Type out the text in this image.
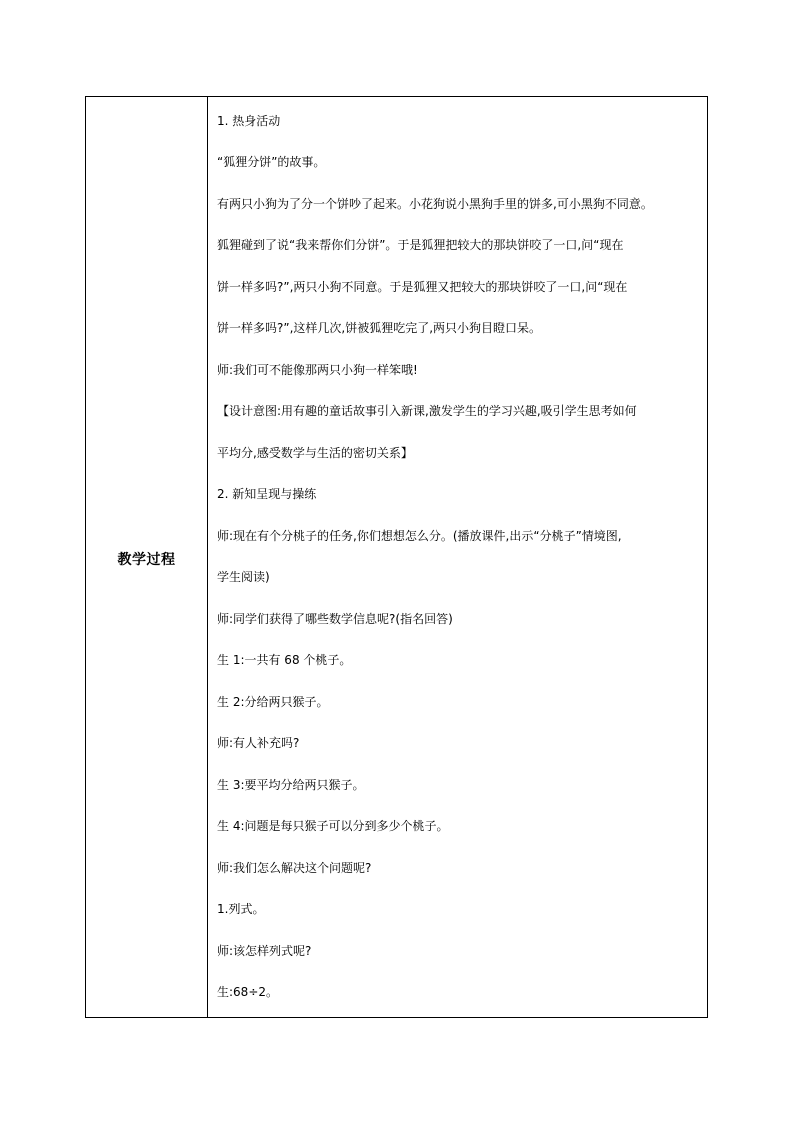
教学过程
1. 热身活动
“狐狸分饼”的故事。
有两只小狗为了分一个饼吵了起来。小花狗说小黑狗手里的饼多,可小黑狗不同意。
狐狸碰到了说“我来帮你们分饼”。于是狐狸把较大的那块饼咬了一口,问“现在
饼一样多吗?”,两只小狗不同意。于是狐狸又把较大的那块饼咬了一口,问“现在
饼一样多吗?”,这样几次,饼被狐狸吃完了,两只小狗目瞪口呆。
师:我们可不能像那两只小狗一样笨哦!
【设计意图:用有趣的童话故事引入新课,激发学生的学习兴趣,吸引学生思考如何
平均分,感受数学与生活的密切关系】
2. 新知呈现与操练
师:现在有个分桃子的任务,你们想想怎么分。(播放课件,出示“分桃子”情境图,
学生阅读)
师:同学们获得了哪些数学信息呢?(指名回答)
生 1:一共有 68 个桃子。
生 2:分给两只猴子。
师:有人补充吗?
生 3:要平均分给两只猴子。
生 4:问题是每只猴子可以分到多少个桃子。
师:我们怎么解决这个问题呢?
1.列式。
师:该怎样列式呢?
生:68÷2。
